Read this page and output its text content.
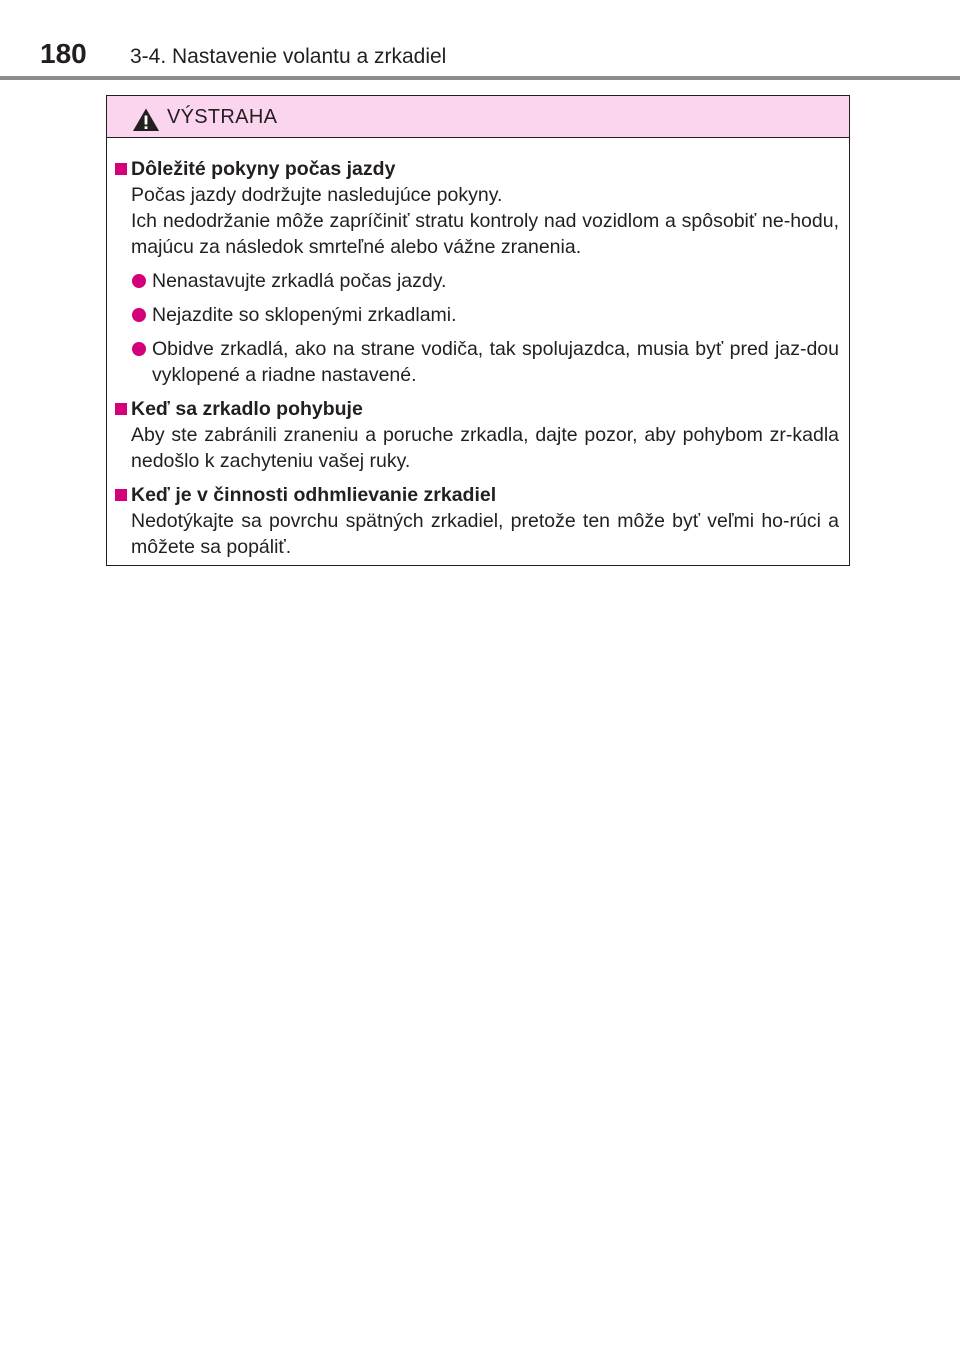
180 3-4. Nastavenie volantu a zrkadiel
VÝSTRAHA
Dôležité pokyny počas jazdy
Počas jazdy dodržujte nasledujúce pokyny.
Ich nedodržanie môže zapríčiniť stratu kontroly nad vozidlom a spôsobiť ne-hodu, majúcu za následok smrteľné alebo vážne zranenia.
Nenastavujte zrkadlá počas jazdy.
Nejazdite so sklopenými zrkadlami.
Obidve zrkadlá, ako na strane vodiča, tak spolujazdca, musia byť pred jaz-dou vyklopené a riadne nastavené.
Keď sa zrkadlo pohybuje
Aby ste zabránili zraneniu a poruche zrkadla, dajte pozor, aby pohybom zr-kadla nedošlo k zachyteniu vašej ruky.
Keď je v činnosti odhmlievanie zrkadiel
Nedotýkajte sa povrchu spätných zrkadiel, pretože ten môže byť veľmi ho-rúci a môžete sa popáliť.
